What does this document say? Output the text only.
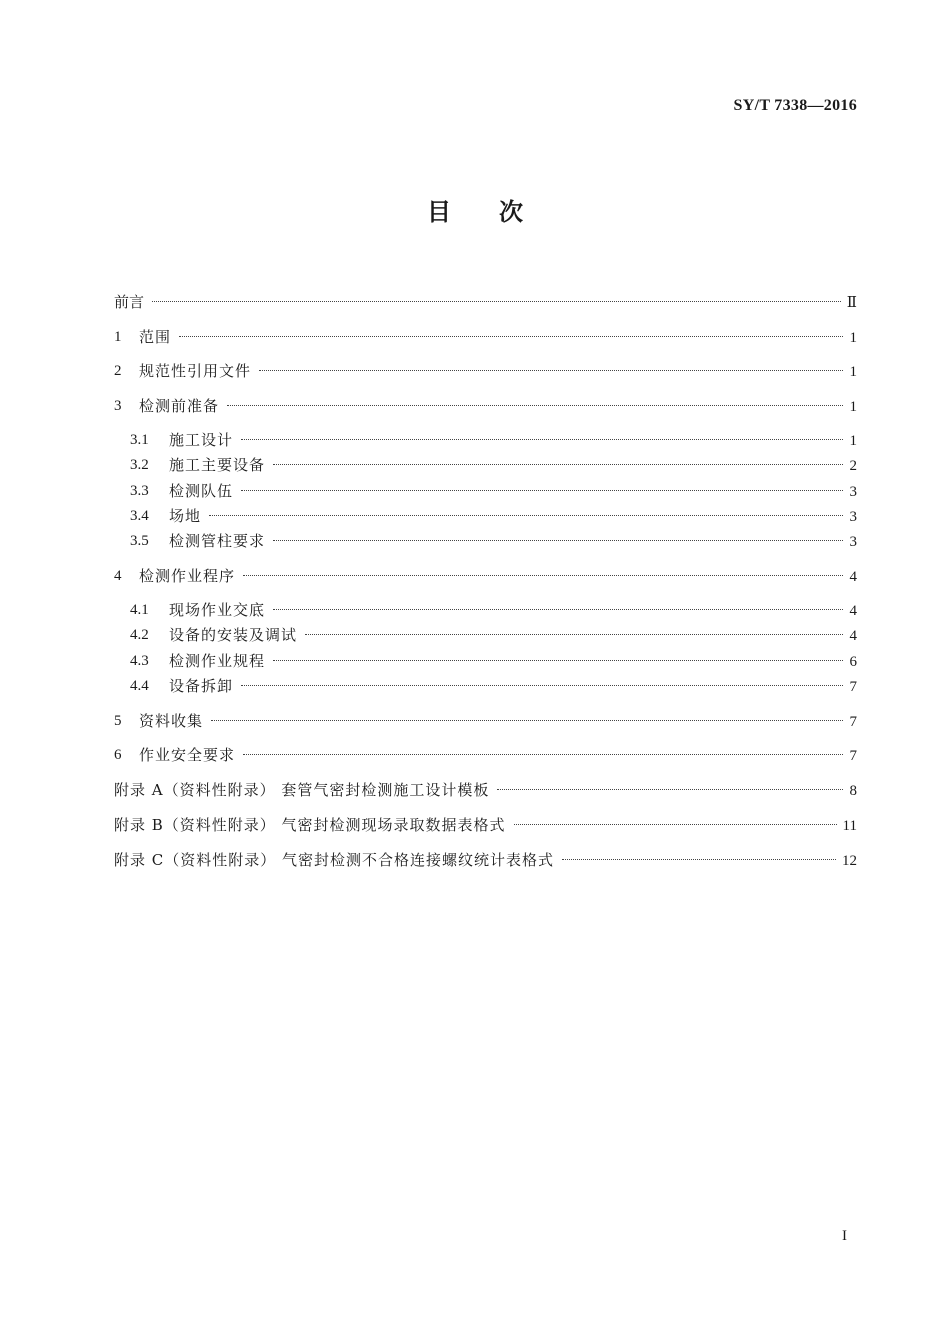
SY/T 7338—2016
目次
前言	Ⅱ
1 范围	1
2 规范性引用文件	1
3 检测前准备	1
3.1 施工设计	1
3.2 施工主要设备	2
3.3 检测队伍	3
3.4 场地	3
3.5 检测管柱要求	3
4 检测作业程序	4
4.1 现场作业交底	4
4.2 设备的安装及调试	4
4.3 检测作业规程	6
4.4 设备拆卸	7
5 资料收集	7
6 作业安全要求	7
附录 A（资料性附录） 套管气密封检测施工设计模板	8
附录 B（资料性附录） 气密封检测现场录取数据表格式	11
附录 C（资料性附录） 气密封检测不合格连接螺纹统计表格式	12
I
